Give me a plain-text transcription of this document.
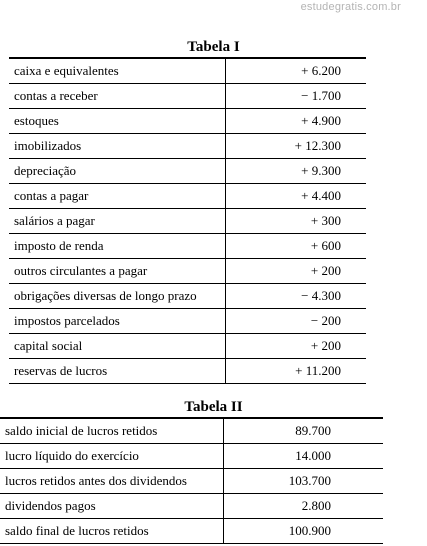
estudegratis.com.br
Tabela I
caixa e equivalentes	+ 6.200
contas a receber	− 1.700
estoques	+ 4.900
imobilizados	+ 12.300
depreciação	+ 9.300
contas a pagar	+ 4.400
salários a pagar	+ 300
imposto de renda	+ 600
outros circulantes a pagar	+ 200
obrigações diversas de longo prazo	− 4.300
impostos parcelados	− 200
capital social	+ 200
reservas de lucros	+ 11.200
Tabela II
saldo inicial de lucros retidos	89.700
lucro líquido do exercício	14.000
lucros retidos antes dos dividendos	103.700
dividendos pagos	2.800
saldo final de lucros retidos	100.900
